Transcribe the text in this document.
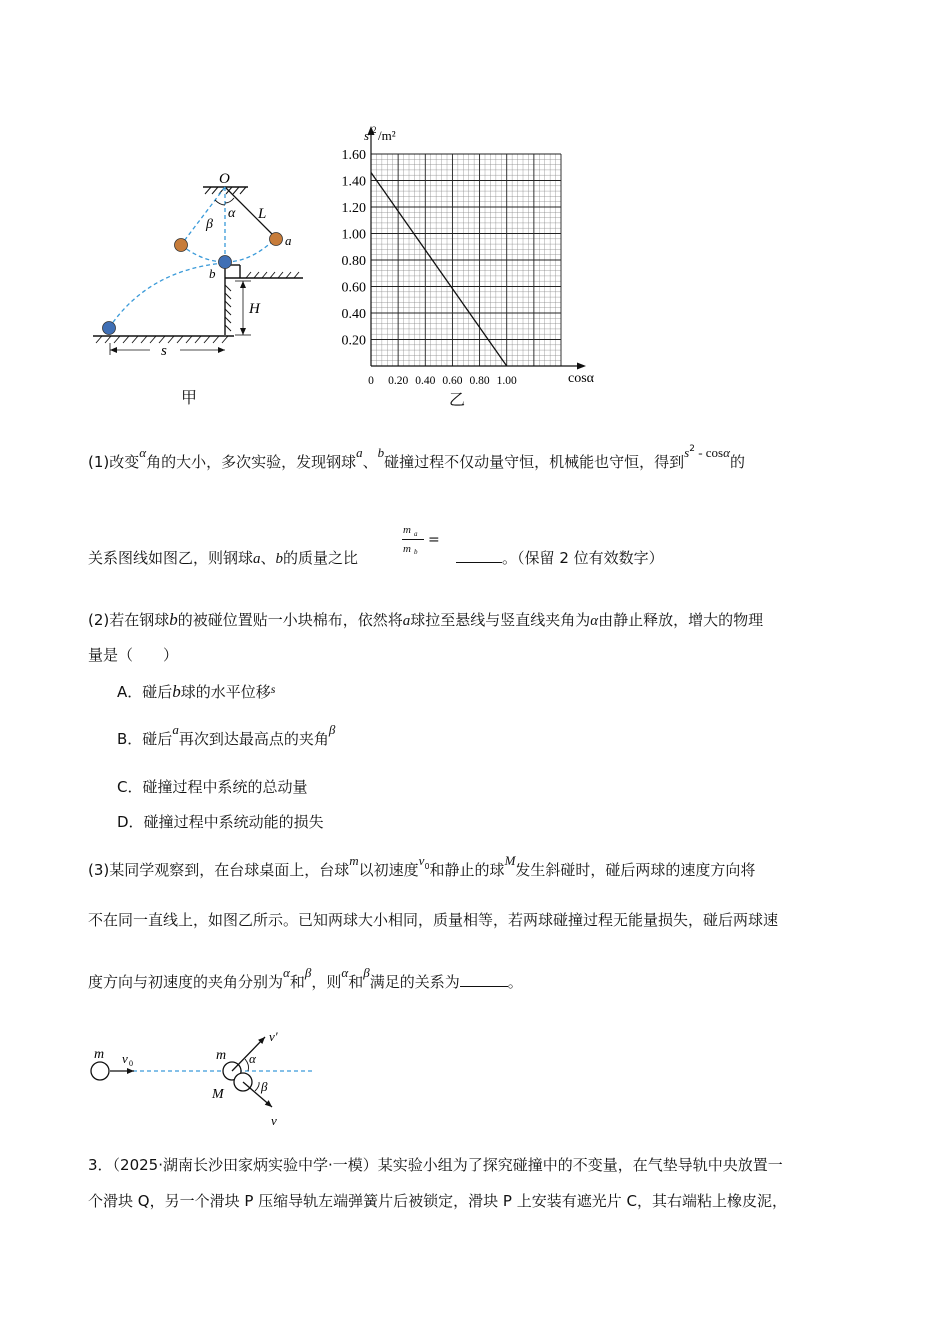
O
α
β
L
a
b
H
s
甲
0.20
0.40
0.60
0.80
1.00
1.20
1.40
1.60
0 0.20 0.40 0.60 0.80 1.00
s 2 /m²
cosα
乙
(1)改变α角的大小，多次实验，发现钢球a、b碰撞过程不仅动量守恒，机械能也守恒，得到$s^2$ - cosα的
m a
m b
=
关系图线如图乙，则钢球a、b的质量之比	。（保留 2 位有效数字）
(2)若在钢球b的被碰位置贴一小块棉布，依然将a球拉至悬线与竖直线夹角为α由静止释放，增大的物理
量是（　　）
A．碰后b球的水平位移$^s$
B．碰后a再次到达最高点的夹角β
C．碰撞过程中系统的总动量
D．碰撞过程中系统动能的损失
(3)某同学观察到，在台球桌面上，台球m以初速度$v^0$和静止的球M发生斜碰时，碰后两球的速度方向将
不在同一直线上，如图乙所示。已知两球大小相同，质量相等，若两球碰撞过程无能量损失，碰后两球速
度方向与初速度的夹角分别为α和β，则α和β满足的关系为	。
m v 0
m
M
α
β
v′
v
3．（2025·湖南长沙田家炳实验中学·一模）某实验小组为了探究碰撞中的不变量，在气垫导轨中央放置一
个滑块 Q，另一个滑块 P 压缩导轨左端弹簧片后被锁定，滑块 P 上安装有遮光片 C，其右端粘上橡皮泥，
